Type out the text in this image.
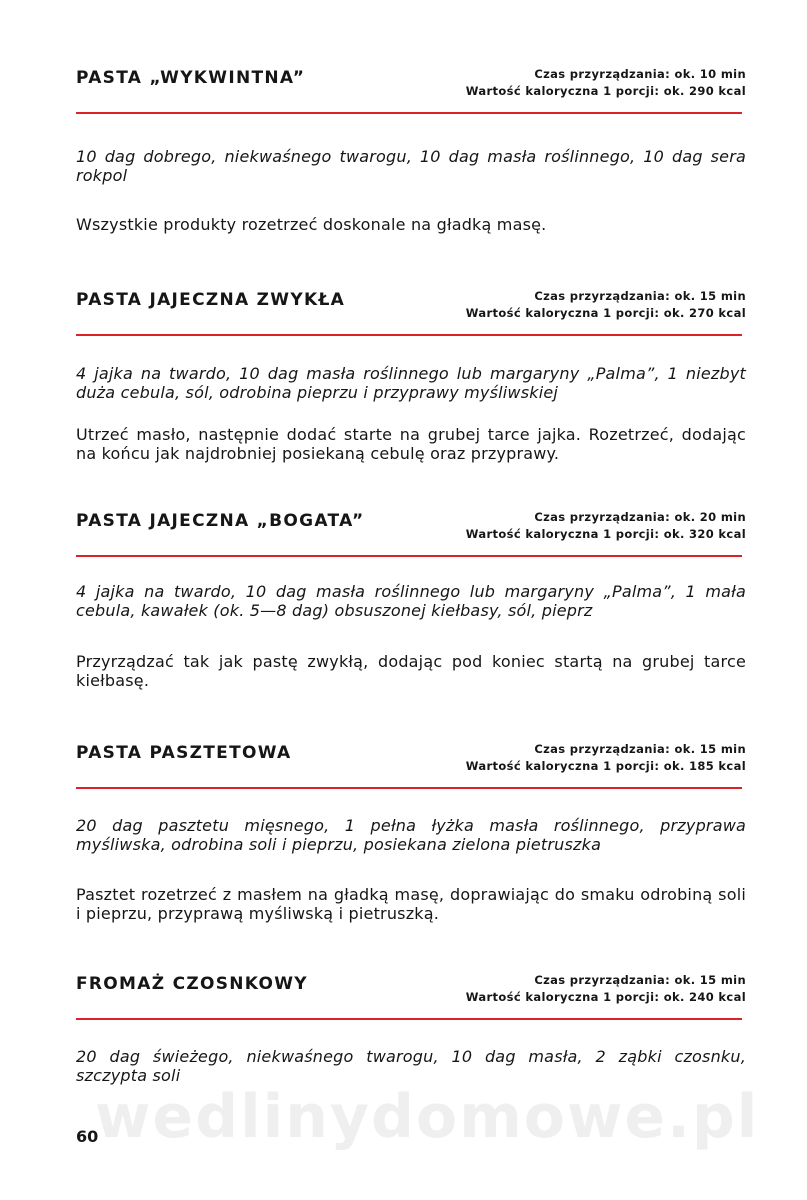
wedlinydomowe.pl
PASTA „WYKWINTNA”	Czas przyrządzania: ok. 10 min
Wartość kaloryczna 1 porcji: ok. 290 kcal
10 dag dobrego, niekwaśnego twarogu, 10 dag masła roślinnego, 10 dag sera rokpol
Wszystkie produkty rozetrzeć doskonale na gładką masę.
PASTA JAJECZNA ZWYKŁA	Czas przyrządzania: ok. 15 min
Wartość kaloryczna 1 porcji: ok. 270 kcal
4 jajka na twardo, 10 dag masła roślinnego lub margaryny „Palma”, 1 niezbyt duża cebula, sól, odrobina pieprzu i przyprawy myśliwskiej
Utrzeć masło, następnie dodać starte na grubej tarce jajka. Rozetrzeć, dodając na końcu jak najdrobniej posiekaną cebulę oraz przyprawy.
PASTA JAJECZNA „BOGATA”	Czas przyrządzania: ok. 20 min
Wartość kaloryczna 1 porcji: ok. 320 kcal
4 jajka na twardo, 10 dag masła roślinnego lub margaryny „Palma”, 1 mała cebula, kawałek (ok. 5—8 dag) obsuszonej kiełbasy, sól, pieprz
Przyrządzać tak jak pastę zwykłą, dodając pod koniec startą na grubej tarce kiełbasę.
PASTA PASZTETOWA	Czas przyrządzania: ok. 15 min
Wartość kaloryczna 1 porcji: ok. 185 kcal
20 dag pasztetu mięsnego, 1 pełna łyżka masła roślinnego, przyprawa myśliwska, odrobina soli i pieprzu, posiekana zielona pietruszka
Pasztet rozetrzeć z masłem na gładką masę, doprawiając do smaku odrobiną soli i pieprzu, przyprawą myśliwską i pietruszką.
FROMAŻ CZOSNKOWY	Czas przyrządzania: ok. 15 min
Wartość kaloryczna 1 porcji: ok. 240 kcal
20 dag świeżego, niekwaśnego twarogu, 10 dag masła, 2 ząbki czosnku, szczypta soli
60
